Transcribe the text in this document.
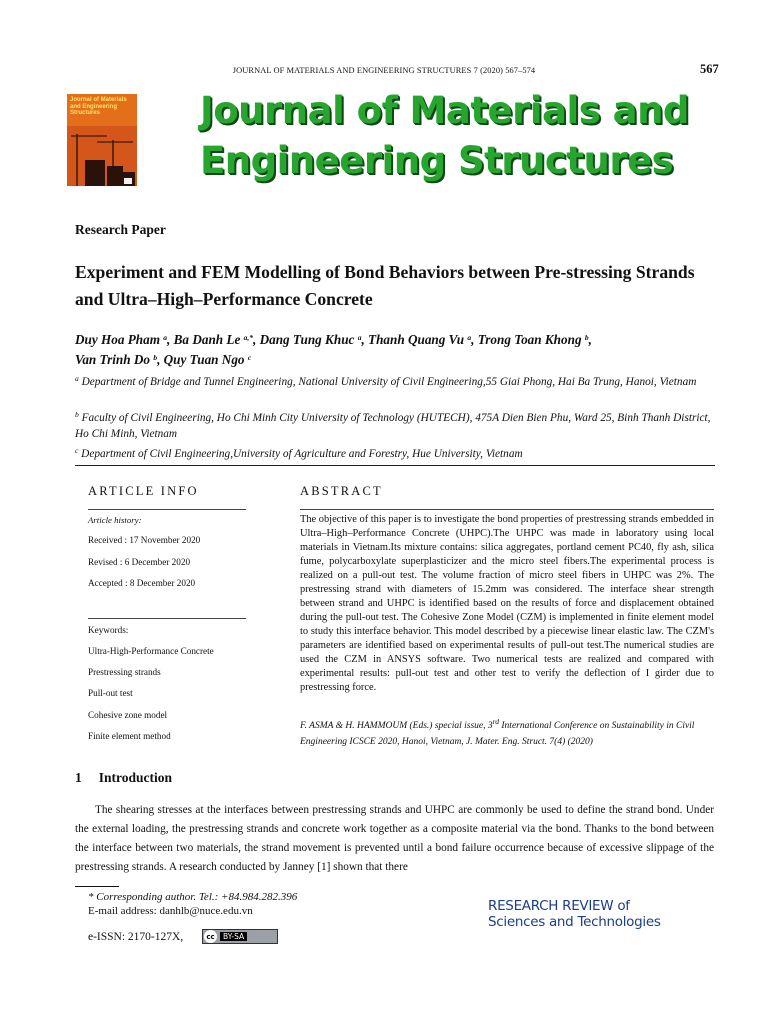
JOURNAL OF MATERIALS AND ENGINEERING STRUCTURES 7 (2020) 567–574	567
Journal of Materials and Engineering Structures	Journal of Materials and
Engineering Structures
Research Paper
Experiment and FEM Modelling of Bond Behaviors between Pre-stressing Strands and Ultra–High–Performance Concrete
Duy Hoa Pham $^a$, Ba Danh Le $^{a,*}$, Dang Tung Khuc $^a$, Thanh Quang Vu $^a$, Trong Toan Khong $^b$,
Van Trinh Do $^b$, Quy Tuan Ngo $^c$
$^a$ Department of Bridge and Tunnel Engineering, National University of Civil Engineering,55 Giai Phong, Hai Ba Trung, Hanoi, Vietnam
$^b$ Faculty of Civil Engineering, Ho Chi Minh City University of Technology (HUTECH), 475A Dien Bien Phu, Ward 25, Binh Thanh District, Ho Chi Minh, Vietnam
$^c$ Department of Civil Engineering,University of Agriculture and Forestry, Hue University, Vietnam
ARTICLE INFO
Article history:
Received : 17 November 2020
Revised : 6 December 2020
Accepted : 8 December 2020
Keywords:
Ultra-High-Performance Concrete
Prestressing strands
Pull-out test
Cohesive zone model
Finite element method
ABSTRACT
The objective of this paper is to investigate the bond properties of prestressing strands embedded in Ultra–High–Performance Concrete (UHPC).The UHPC was made in laboratory using local materials in Vietnam.Its mixture contains: silica aggregates, portland cement PC40, fly ash, silica fume, polycarboxylate superplasticizer and the micro steel fibers.The experimental process is realized on a pull-out test. The volume fraction of micro steel fibers in UHPC was 2%. The prestressing strand with diameters of 15.2mm was considered. The interface shear strength between strand and UHPC is identified based on the results of force and displacement obtained during the pull-out test. The Cohesive Zone Model (CZM) is implemented in finite element model to study this interface behavior. This model described by a piecewise linear elastic law. The CZM's parameters are identified based on experimental results of pull-out test.The numerical studies are used the CZM in ANSYS software. Two numerical tests are realized and compared with experimental results: pull-out test and other test to verify the deflection of I girder due to prestressing force.
F. ASMA & H. HAMMOUM (Eds.) special issue, 3rd International Conference on Sustainability in Civil Engineering ICSCE 2020, Hanoi, Vietnam, J. Mater. Eng. Struct. 7(4) (2020)
1 Introduction
The shearing stresses at the interfaces between prestressing strands and UHPC are commonly be used to define the strand bond. Under the external loading, the prestressing strands and concrete work together as a composite material via the bond. Thanks to the bond between the interface between two materials, the strand movement is prevented until a bond failure occurrence because of excessive slippage of the prestressing strands. A research conducted by Janney [1] shown that there
* Corresponding author. Tel.: +84.984.282.396
E-mail address: danhlb@nuce.edu.vn
e-ISSN: 2170-127X,	cc	BY-SA
RESEARCH REVIEW of
Sciences and Technologies
